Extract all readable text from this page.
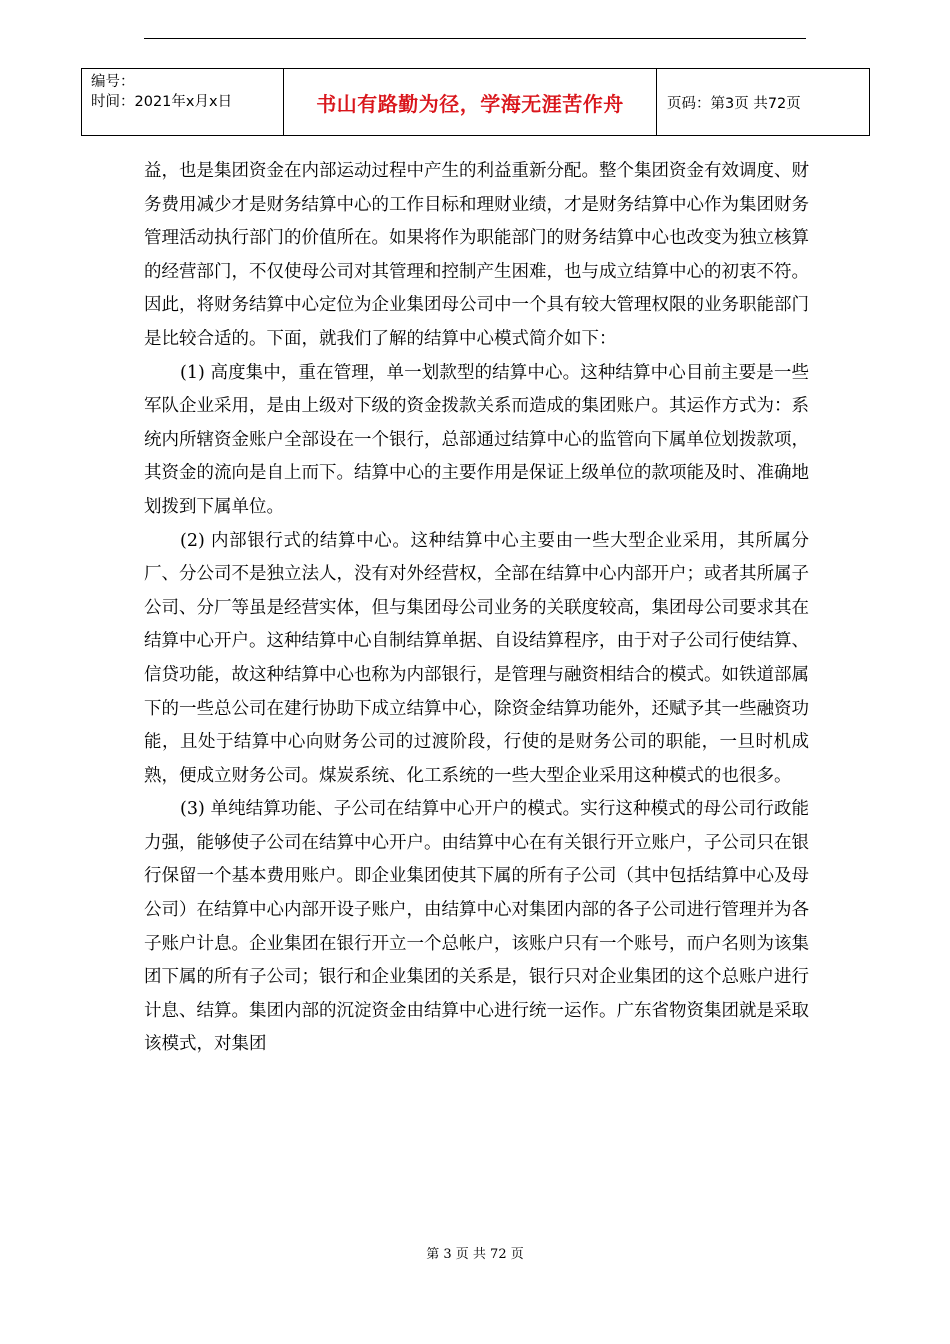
编号：
时间：2021年x月x日	书山有路勤为径，学海无涯苦作舟	页码：第3页 共72页

益，也是集团资金在内部运动过程中产生的利益重新分配。整个集团资金有效调度、财务费用减少才是财务结算中心的工作目标和理财业绩，才是财务结算中心作为集团财务管理活动执行部门的价值所在。如果将作为职能部门的财务结算中心也改变为独立核算的经营部门，不仅使母公司对其管理和控制产生困难，也与成立结算中心的初衷不符。因此，将财务结算中心定位为企业集团母公司中一个具有较大管理权限的业务职能部门是比较合适的。下面，就我们了解的结算中心模式简介如下：

(1) 高度集中，重在管理，单一划款型的结算中心。这种结算中心目前主要是一些军队企业采用，是由上级对下级的资金拨款关系而造成的集团账户。其运作方式为：系统内所辖资金账户全部设在一个银行，总部通过结算中心的监管向下属单位划拨款项，其资金的流向是自上而下。结算中心的主要作用是保证上级单位的款项能及时、准确地划拨到下属单位。

(2) 内部银行式的结算中心。这种结算中心主要由一些大型企业采用，其所属分厂、分公司不是独立法人，没有对外经营权，全部在结算中心内部开户；或者其所属子公司、分厂等虽是经营实体，但与集团母公司业务的关联度较高，集团母公司要求其在结算中心开户。这种结算中心自制结算单据、自设结算程序，由于对子公司行使结算、信贷功能，故这种结算中心也称为内部银行，是管理与融资相结合的模式。如铁道部属下的一些总公司在建行协助下成立结算中心，除资金结算功能外，还赋予其一些融资功能，且处于结算中心向财务公司的过渡阶段，行使的是财务公司的职能，一旦时机成熟，便成立财务公司。煤炭系统、化工系统的一些大型企业采用这种模式的也很多。

(3) 单纯结算功能、子公司在结算中心开户的模式。实行这种模式的母公司行政能力强，能够使子公司在结算中心开户。由结算中心在有关银行开立账户，子公司只在银行保留一个基本费用账户。即企业集团使其下属的所有子公司（其中包括结算中心及母公司）在结算中心内部开设子账户，由结算中心对集团内部的各子公司进行管理并为各子账户计息。企业集团在银行开立一个总帐户，该账户只有一个账号，而户名则为该集团下属的所有子公司；银行和企业集团的关系是，银行只对企业集团的这个总账户进行计息、结算。集团内部的沉淀资金由结算中心进行统一运作。广东省物资集团就是采取该模式，对集团

第 3 页 共 72 页
